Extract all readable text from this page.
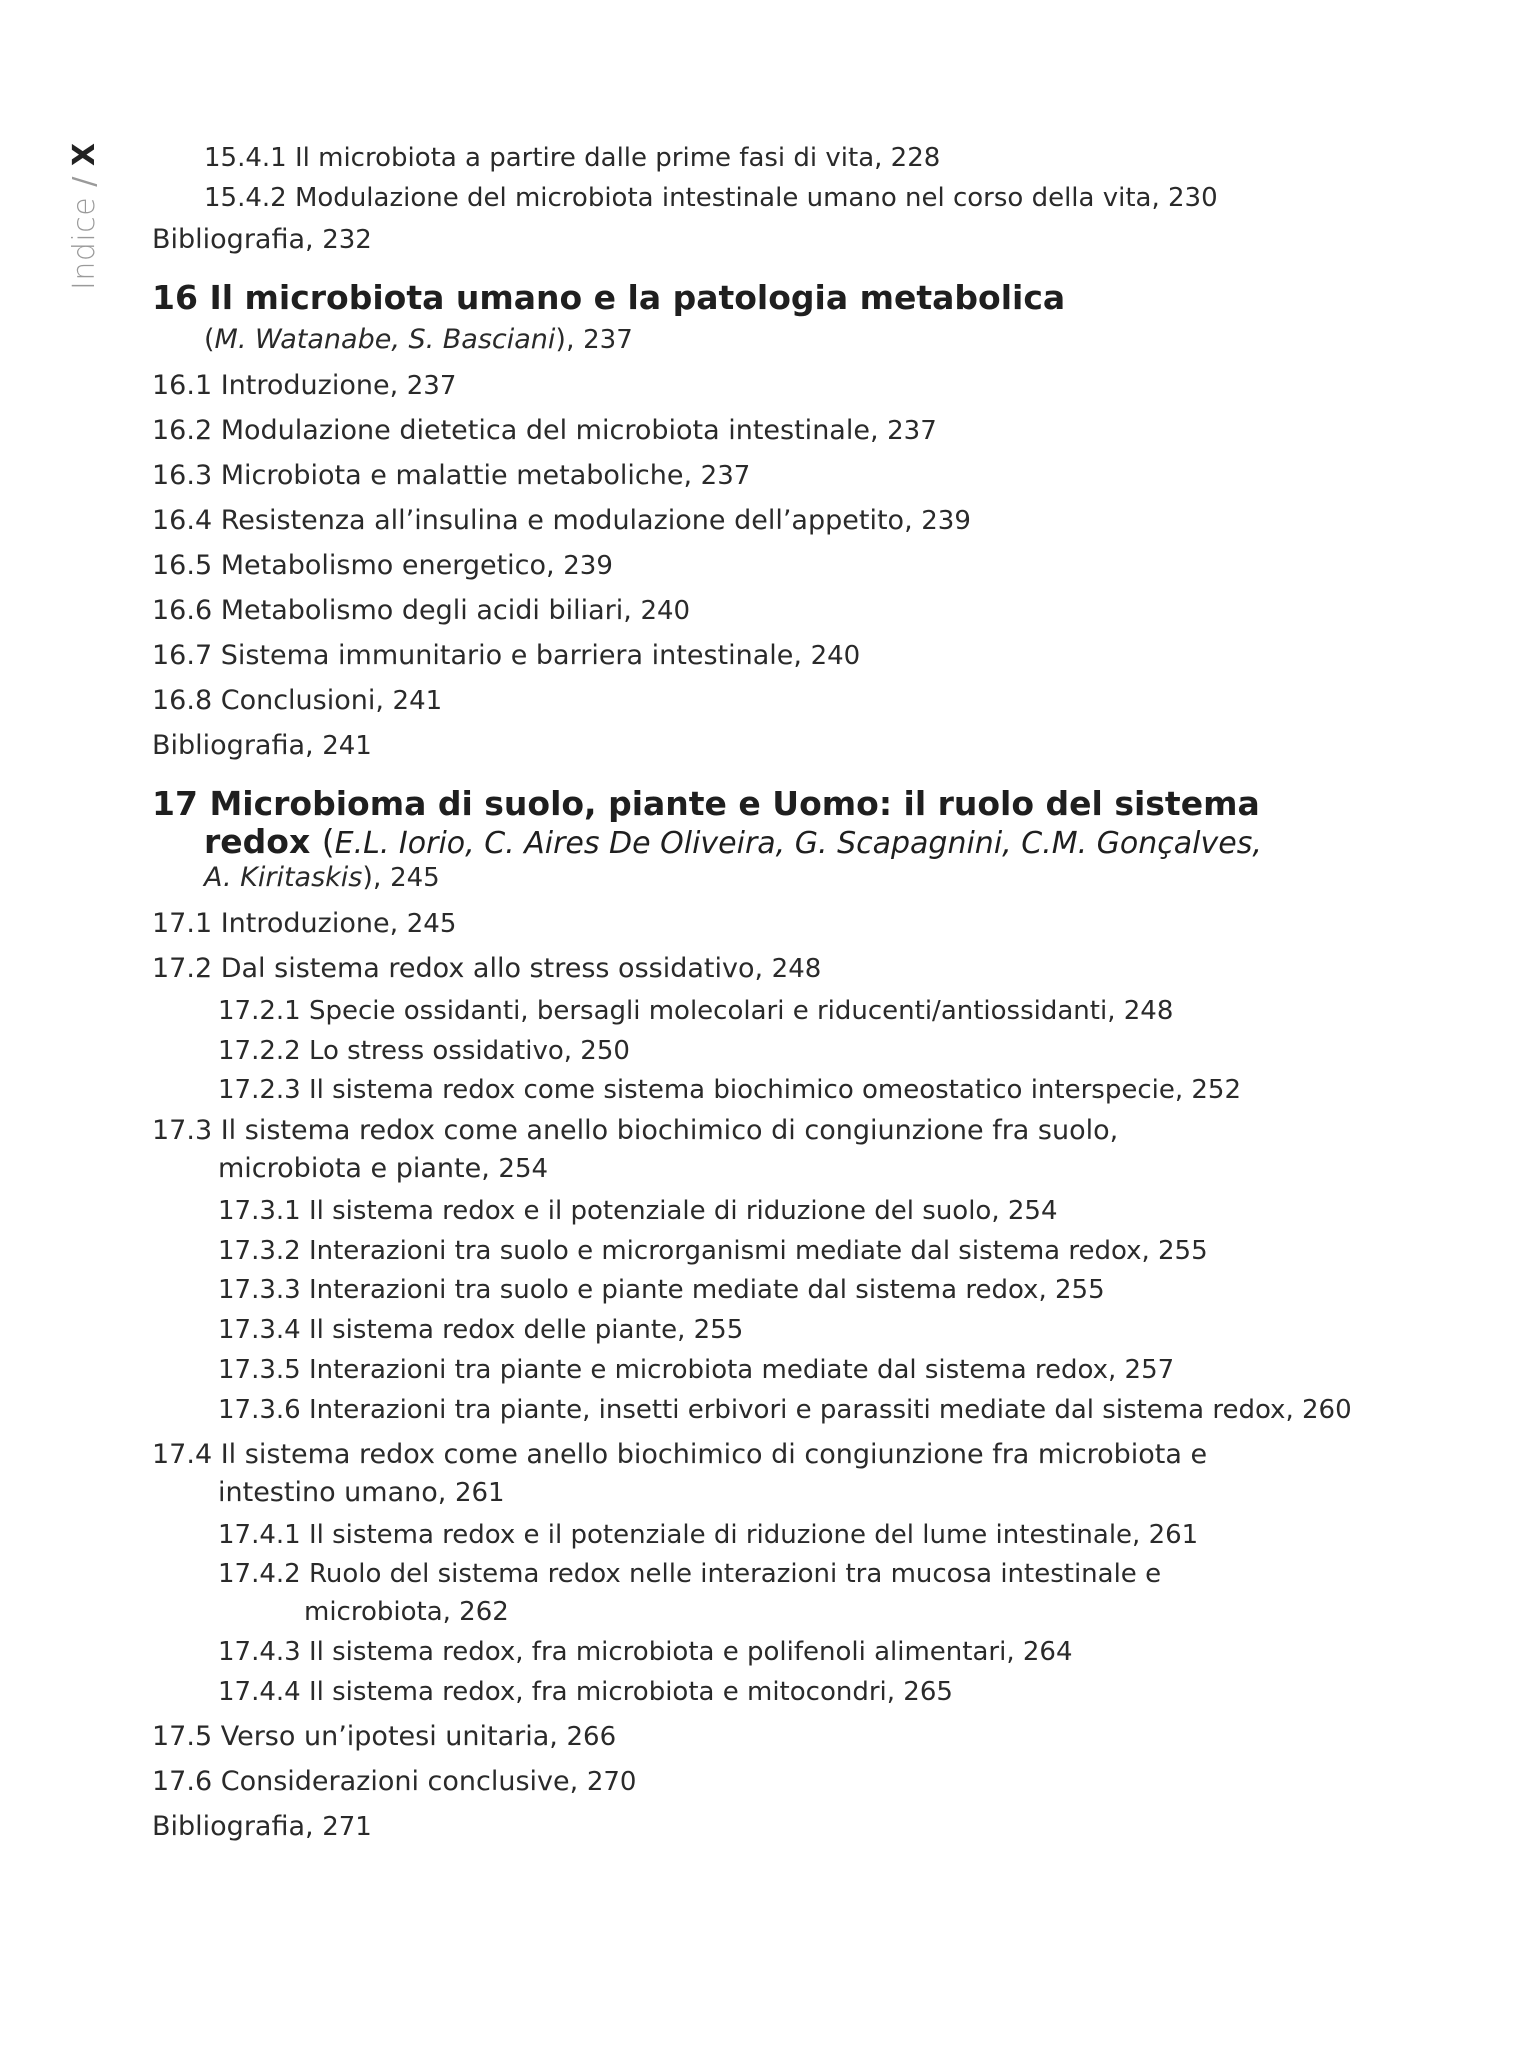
Indice / X	15.4.1 Il microbiota a partire dalle prime fasi di vita, 228
15.4.2 Modulazione del microbiota intestinale umano nel corso della vita, 230
Bibliografia, 232
16 Il microbiota umano e la patologia metabolica
(M. Watanabe, S. Basciani), 237
16.1 Introduzione, 237
16.2 Modulazione dietetica del microbiota intestinale, 237
16.3 Microbiota e malattie metaboliche, 237
16.4 Resistenza all’insulina e modulazione dell’appetito, 239
16.5 Metabolismo energetico, 239
16.6 Metabolismo degli acidi biliari, 240
16.7 Sistema immunitario e barriera intestinale, 240
16.8 Conclusioni, 241
Bibliografia, 241
17 Microbioma di suolo, piante e Uomo: il ruolo del sistema
redox (E.L. Iorio, C. Aires De Oliveira, G. Scapagnini, C.M. Gonçalves,
A. Kiritaskis), 245
17.1 Introduzione, 245
17.2 Dal sistema redox allo stress ossidativo, 248
17.2.1 Specie ossidanti, bersagli molecolari e riducenti/antiossidanti, 248
17.2.2 Lo stress ossidativo, 250
17.2.3 Il sistema redox come sistema biochimico omeostatico interspecie, 252
17.3 Il sistema redox come anello biochimico di congiunzione fra suolo,
microbiota e piante, 254
17.3.1 Il sistema redox e il potenziale di riduzione del suolo, 254
17.3.2 Interazioni tra suolo e microrganismi mediate dal sistema redox, 255
17.3.3 Interazioni tra suolo e piante mediate dal sistema redox, 255
17.3.4 Il sistema redox delle piante, 255
17.3.5 Interazioni tra piante e microbiota mediate dal sistema redox, 257
17.3.6 Interazioni tra piante, insetti erbivori e parassiti mediate dal sistema redox, 260
17.4 Il sistema redox come anello biochimico di congiunzione fra microbiota e
intestino umano, 261
17.4.1 Il sistema redox e il potenziale di riduzione del lume intestinale, 261
17.4.2 Ruolo del sistema redox nelle interazioni tra mucosa intestinale e
microbiota, 262
17.4.3 Il sistema redox, fra microbiota e polifenoli alimentari, 264
17.4.4 Il sistema redox, fra microbiota e mitocondri, 265
17.5 Verso un’ipotesi unitaria, 266
17.6 Considerazioni conclusive, 270
Bibliografia, 271
